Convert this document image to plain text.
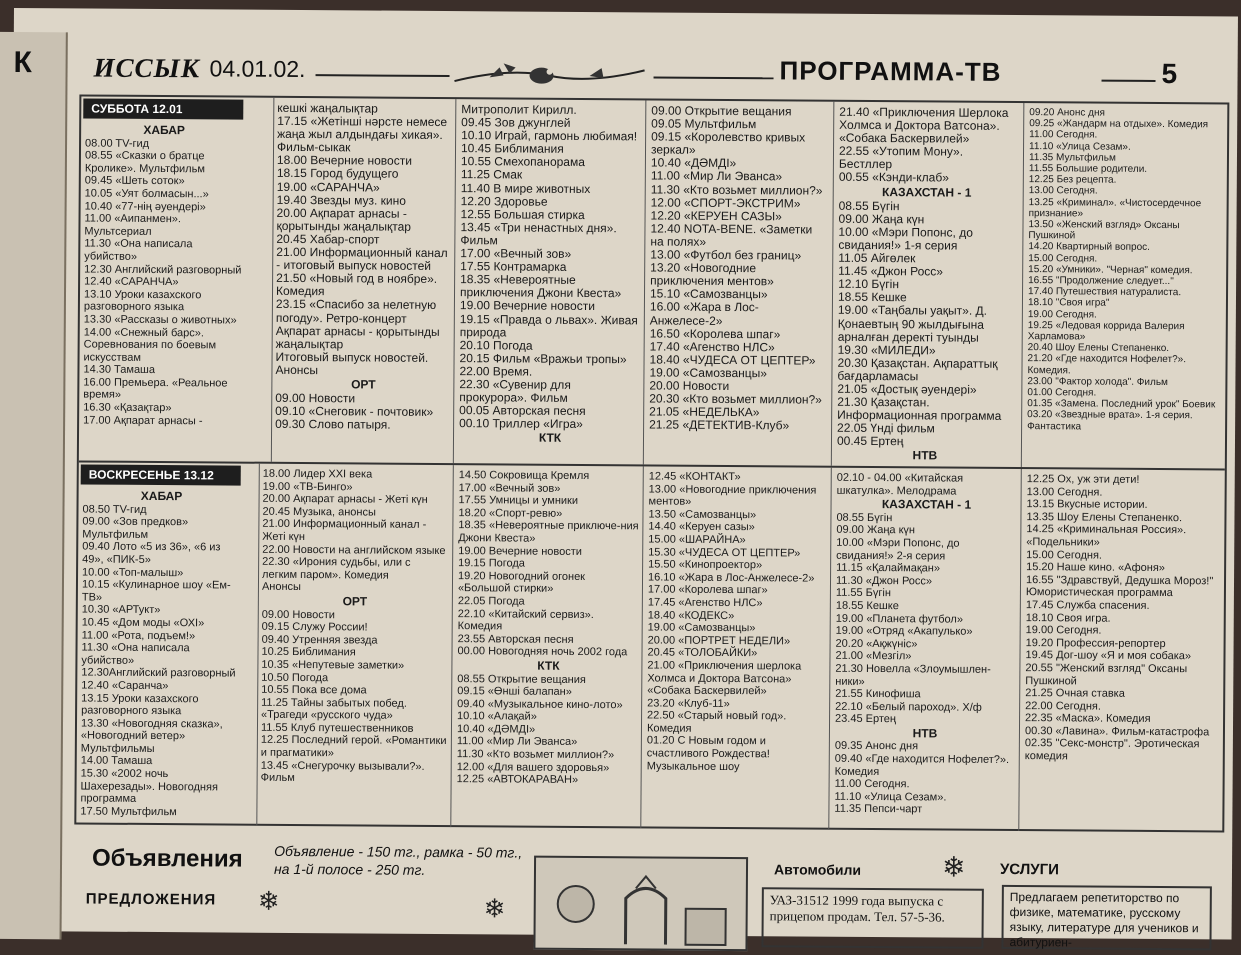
К ИССЫК 04.01.02.	ПРОГРАММА-ТВ	5
СУББОТА 12.01
ХАБАР
08.00 TV-гид
08.55 «Сказки о братце Кролике». Мультфильм
09.45 «Шеть соток»
10.05 «Уят болмасын...»
10.40 «77-нiң әуендерi»
11.00 «Аипанмен». Мультсериал
11.30 «Она написала убийство»
12.30 Английский разговорный
12.40 «САРАНЧА»
13.10 Уроки казахского разговорного языка
13.30 «Рассказы о животных»
14.00 «Снежный барс». Соревнования по боевым искусствам
14.30 Тамаша
16.00 Премьера. «Реальное время»
16.30 «Қазақтар»
17.00 Ақпарат арнасы -
кешкi жаңалықтар
17.15 «Жетiншi нәрсте немесе жаңа жыл алдындағы хикая». Фильм-сыкак
18.00 Вечерние новости
18.15 Город будущего
19.00 «САРАНЧА»
19.40 Звезды муз. кино
20.00 Ақпарат арнасы - қорытынды жаңалықтар
20.45 Хабар-спорт
21.00 Информационный канал - итоговый выпуск новостей
21.50 «Новый год в ноябре». Комедия
23.15 «Спасибо за нелетную погоду». Ретро-концерт
Ақпарат арнасы - қорытынды жаңалықтар
Итоговый выпуск новостей. Анонсы
ОРТ
09.00 Новости
09.10 «Снеговик - почтовик»
09.30 Слово патыря.
Митрополит Кирилл.
09.45 Зов джунглей
10.10 Играй, гармонь любимая!
10.45 Библимания
10.55 Смехопанорама
11.25 Смак
11.40 В мире животных
12.20 Здоровье
12.55 Большая стирка
13.45 «Три ненастных дня». Фильм
17.00 «Вечный зов»
17.55 Контрамарка
18.35 «Невероятные приключения Джони Квеста»
19.00 Вечерние новости
19.15 «Правда о львах». Живая природа
20.10 Погода
20.15 Фильм «Вражьи тропы»
22.00 Время.
22.30 «Сувенир для прокурора». Фильм
00.05 Авторская песня
00.10 Триллер «Игра»
КТК
09.00 Открытие вещания
09.05 Мультфильм
09.15 «Королевство кривых зеркал»
10.40 «ДӘМДI»
11.00 «Мир Ли Эванса»
11.30 «Кто возьмет миллион?»
12.00 «СПОРТ-ЭКСТРИМ»
12.20 «КЕРУЕН САЗЫ»
12.40 NOTA-BENE. «Заметки на полях»
13.00 «Футбол без границ»
13.20 «Новогодние приключения ментов»
15.10 «Самозванцы»
16.00 «Жара в Лос-Анжелесе-2»
16.50 «Королева шпаг»
17.40 «Агенство НЛС»
18.40 «ЧУДЕСА ОТ ЦЕПТЕР»
19.00 «Самозванцы»
20.00 Новости
20.30 «Кто возьмет миллион?»
21.05 «НЕДЕЛЬКА»
21.25 «ДЕТЕКТИВ-Клуб»
21.40 «Приключения Шерлока Холмса и Доктора Ватсона». «Собака Баскервилей»
22.55 «Утопим Мону». Бестллер
00.55 «Кэнди-клаб»
КАЗАХСТАН - 1
08.55 Бүгiн
09.00 Жаңа күн
10.00 «Мэри Попонс, до свидания!» 1-я серия
11.05 Айгөлек
11.45 «Джон Росс»
12.10 Бүгiн
18.55 Кешке
19.00 «Таңбалы уақыт». Д. Қонаевтың 90 жылдығына арналған деректi туынды
19.30 «МИЛЕДИ»
20.30 Қазақстан. Ақпараттық бағдарламасы
21.05 «Достық әуендерi»
21.30 Қазақстан. Информационная программа
22.05 Үнді фильм
00.45 Ертең
НТВ
09.20 Анонс дня
09.25 «Жандарм на отдыхе». Комедия
11.00 Сегодня.
11.10 «Улица Сезам».
11.35 Мультфильм
11.55 Большие родители.
12.25 Без рецепта.
13.00 Сегодня.
13.25 «Криминал». «Чистосердечное признание»
13.50 «Женский взгляд» Оксаны Пушкиной
14.20 Квартирный вопрос.
15.00 Сегодня.
15.20 «Умники». "Черная" комедия.
16.55 "Продолжение следует..."
17.40 Путешествия натуралиста.
18.10 "Своя игра"
19.00 Сегодня.
19.25 «Ледовая коррида Валерия Харламова»
20.40 Шоу Елены Степаненко.
21.20 «Где находится Нофелет?». Комедия.
23.00 "Фактор холода". Фильм
01.00 Сегодня.
01.35 «Замена. Последний урок" Боевик
03.20 «Звездные врата». 1-я серия. Фантастика
ВОСКРЕСЕНЬЕ 13.12
ХАБАР
08.50 TV-гид
09.00 «Зов предков» Мультфильм
09.40 Лото «5 из 36», «6 из 49», «ПИК-5»
10.00 «Топ-малыш»
10.15 «Кулинарное шоу «Ем-ТВ»
10.30 «АРТукт»
10.45 «Дом моды «ОХI»
11.00 «Рота, подъем!»
11.30 «Она написала убийство»
12.30Английский разговорный
12.40 «Саранча»
13.15 Уроки казахского разговорного языка
13.30 «Новогодняя сказка», «Новогодний ветер» Мультфильмы
14.00 Тамаша
15.30 «2002 ночь Шахерезады». Новогодняя программа
17.50 Мультфильм
18.00 Лидер XXI века
19.00 «ТВ-Бинго»
20.00 Ақпарат арнасы - Жетi күн
20.45 Музыка, анонсы
21.00 Информационный канал - Жетi күн
22.00 Новости на английском языке
22.30 «Ирония судьбы, или с легким паром». Комедия
Анонсы
ОРТ
09.00 Новости
09.15 Служу России!
09.40 Утренняя звезда
10.25 Библимания
10.35 «Непутевые заметки»
10.50 Погода
10.55 Пока все дома
11.25 Тайны забытых побед. «Трагеди «русского чуда»
11.55 Клуб путешественников
12.25 Последний герой. «Романтики и прагматики»
13.45 «Снегурочку вызывали?». Фильм
14.50 Сокровища Кремля
17.00 «Вечный зов»
17.55 Умницы и умники
18.20 «Спорт-ревю»
18.35 «Невероятные приключе-ния Джони Квеста»
19.00 Вечерние новости
19.15 Погода
19.20 Новогодний огонек «Большой стирки»
22.05 Погода
22.10 «Китайский сервиз». Комедия
23.55 Авторская песня
00.00 Новогодняя ночь 2002 года
КТК
08.55 Открытие вещания
09.15 «Өнші балапан»
09.40 «Музыкальное кино-лото»
10.10 «Алақай»
10.40 «ДӘМДI»
11.00 «Мир Ли Эванса»
11.30 «Кто возьмет миллион?»
12.00 «Для вашего здоровья»
12.25 «АВТОКАРАВАН»
12.45 «КОНТАКТ»
13.00 «Новогодние приключения ментов»
13.50 «Самозванцы»
14.40 «Керуен сазы»
15.00 «ШАРАЙНА»
15.30 «ЧУДЕСА ОТ ЦЕПТЕР»
15.50 «Кинопроектор»
16.10 «Жара в Лос-Анжелесе-2»
17.00 «Королева шпаг»
17.45 «Агенство НЛС»
18.40 «КОДЕКС»
19.00 «Самозванцы»
20.00 «ПОРТРЕТ НЕДЕЛИ»
20.45 «ТОЛОБАЙКИ»
21.00 «Приключения шерлока Холмса и Доктора Ватсона» «Собака Баскервилей»
23.20 «Клуб-11»
22.50 «Старый новый год». Комедия
01.20 С Новым годом и счастливого Рождества!
Музыкальное шоу
02.10 - 04.00 «Китайская шкатулка». Мелодрама
КАЗАХСТАН - 1
08.55 Бүгiн
09.00 Жаңа күн
10.00 «Мэри Попонс, до свидания!» 2-я серия
11.15 «Қалаймақан»
11.30 «Джон Росс»
11.55 Бүгiн
18.55 Кешке
19.00 «Планета футбол»
19.00 «Отряд «Акапулько»
20.20 «Ақжүнiс»
21.00 «Мезгiл»
21.30 Новелла «Злоумышлен-ники»
21.55 Кинофиша
22.10 «Белый пароход». Х/ф
23.45 Ертең
НТВ
09.35 Анонс дня
09.40 «Где находится Нофелет?». Комедия
11.00 Сегодня.
11.10 «Улица Сезам».
11.35 Пепси-чарт
12.25 Ох, уж эти дети!
13.00 Сегодня.
13.15 Вкусные истории.
13.35 Шоу Елены Степаненко.
14.25 «Криминальная Россия». «Подельники»
15.00 Сегодня.
15.20 Наше кино. «Афоня»
16.55 "Здравствуй, Дедушка Мороз!" Юмористическая программа
17.45 Служба спасения.
18.10 Своя игра.
19.00 Сегодня.
19.20 Профессия-репортер
19.45 Дог-шоу «Я и моя собака»
20.55 "Женский взгляд" Оксаны Пушкиной
21.25 Очная ставка
22.00 Сегодня.
22.35 «Маска». Комедия
00.30 «Лавина». Фильм-катастрофа
02.35 "Секс-монстр". Эротическая комедия
Объявления Объявление - 150 тг., рамка - 50 тг.,
на 1-й полосе - 250 тг.
ПРЕДЛОЖЕНИЯ ❄	❄
❄
Автомобили
УАЗ-31512 1999 года выпуска с прицепом продам. Тел. 57-5-36.
УСЛУГИ
Предлагаем репетиторство по физике, математике, русскому языку, литературе для учеников и абитуриен-
